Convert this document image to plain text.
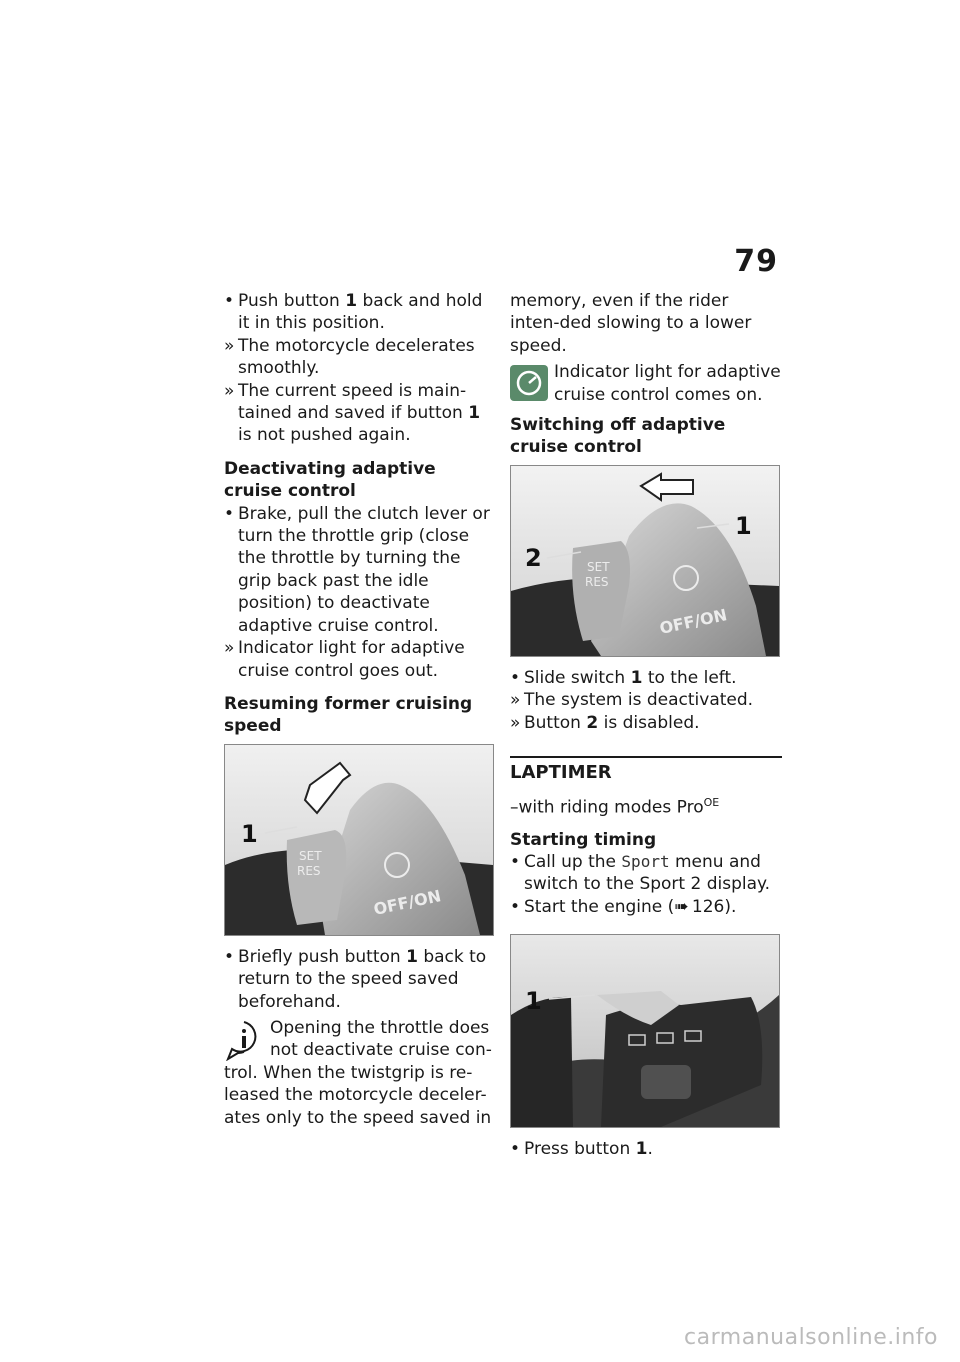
79
•
Push button 1 back and hold it in this position.
»
The motorcycle decelerates smoothly.
»
The current speed is main-tained and saved if button 1 is not pushed again.
Deactivating adaptive cruise control
•
Brake, pull the clutch lever or turn the throttle grip (close the throttle by turning the grip back past the idle position) to deactivate adaptive cruise control.
»
Indicator light for adaptive cruise control goes out.
Resuming former cruising speed
SET
RES
OFF/ON
1
•
Briefly push button 1 back to return to the speed saved beforehand.
Opening the throttle does not deactivate cruise con-trol. When the twistgrip is re-leased the motorcycle deceler-ates only to the speed saved in
memory, even if the rider inten-ded slowing to a lower speed.
Indicator light for adaptive cruise control comes on.
Switching off adaptive cruise control
SET
RES
OFF/ON
1
2
•
Slide switch 1 to the left.
»
The system is deactivated.
»
Button 2 is disabled.
LAPTIMER
–with riding modes Pro$^{OE}$
Starting timing
•
Call up the Sport menu and switch to the Sport 2 display.
•
Start the engine (➠ 126).
1
•
Press button 1.
carmanualsonline.info
